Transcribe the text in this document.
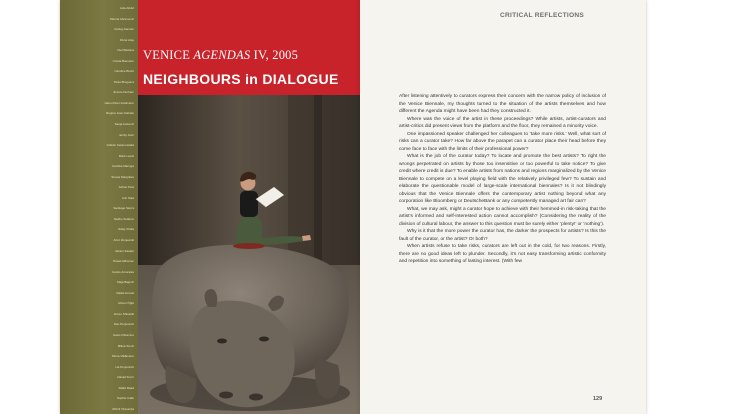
Lida Abdul
Marina Abramović
Kutlug Ataman
Fikret Atay
Yael Bartana
Ursula Biemann
Candice Breitz
Tania Bruguera
Jimmie Durham
Hans-Peter Feldmann
Regina José Galindo
Sanja Iveković
Emily Jacir
Gülsün Karamustafa
Mark Lewis
Goshka Macuga
Teresa Margolles
Adrian Paci
Anri Sala
Santiago Sierra
Nedko Solakov
Sislej Xhafa
Artur Żmijewski
Akram Zaatari
Pawel Althamer
Carlos Amorales
Maja Bajević
Vlatka Horvat
Ahmet Öğüt
Erzen Shkololli
Dan Perjovschi
Jesús Palomino
Milica Tomić
Mona Vătămanu
Lia Perjovschi
Daniel Knorr
Walid Raad
Sophie Calle
Rirkrit Tiravanija
VENICE AGENDAS IV, 2005
NEIGHBOURS in DIALOGUE
CRITICAL REFLECTIONS

After listening attentively to curators express their concern with the narrow policy of inclusion of the Venice Biennale, my thoughts turned to the situation of the artists themselves and how different the Agenda might have been had they constructed it.

Where was the voice of the artist in these proceedings? While artists, artist-curators and artist-critics did present views from the platform and the floor, they remained a minority voice.

One impassioned speaker challenged her colleagues to ‘take more risks.’ Well, what sort of risks can a curator take? How far above the parapet can a curator place their head before they come face to face with the limits of their professional power?

What is the job of the curator today? To locate and promote the best artists? To right the wrongs perpetrated on artists by those too insensitive or too powerful to take notice? To give credit where credit is due? To enable artists from nations and regions marginalized by the Venice Biennale to compete on a level playing field with the relatively privileged few? To sustain and elaborate the questionable model of large-scale international biennales? Is it not blindingly obvious that the Venice Biennale offers the contemporary artist nothing beyond what any corporation like Bloomberg or DeutscheBank or any competently managed art fair can?

What, we may ask, might a curator hope to achieve with their hemmed-in risk-taking that the artist’s informed and self-interested action cannot accomplish? (Considering the reality of the division of cultural labour, the answer to this question must be surely either ‘plenty!’ or ‘nothing’).

Why is it that the more power the curator has, the darker the prospects for artists? Is this the fault of the curator, or the artist? Or both?

When artists refuse to take risks, curators are left out in the cold, for two reasons. Firstly, there are no good ideas left to plunder. Secondly, it’s not easy transforming artistic conformity and repetition into something of lasting interest. (With few

129
